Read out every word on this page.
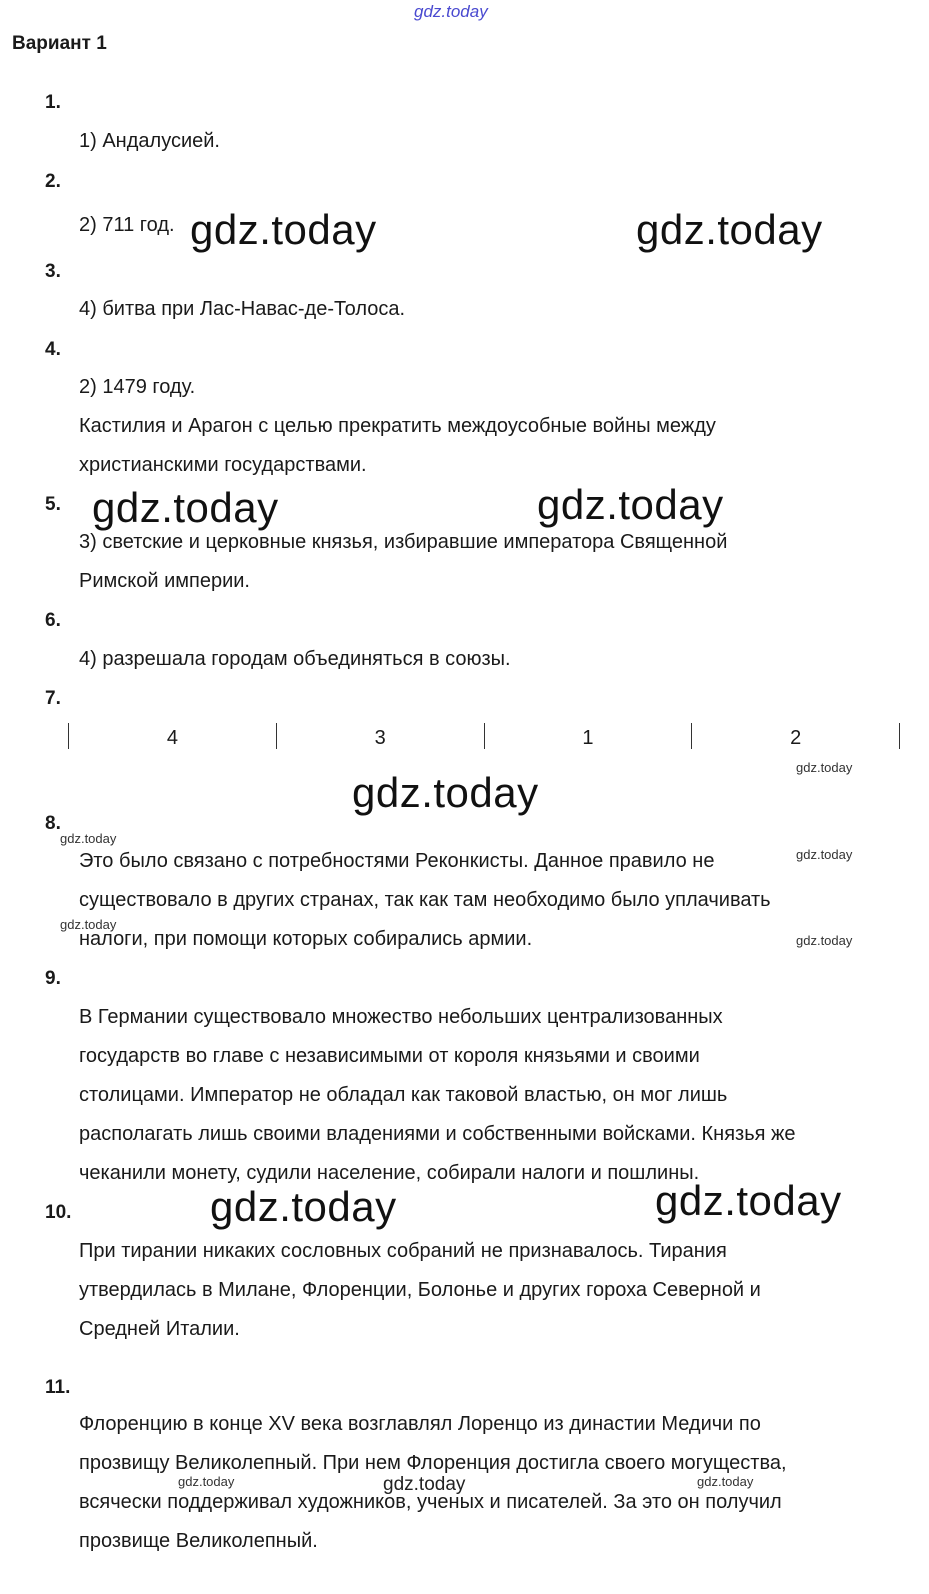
gdz.today
Вариант 1
1.
1) Андалусией.
2.
2) 711 год.
3.
4) битва при Лас-Навас-де-Толоса.
4.
2) 1479 году.
Кастилия и Арагон с целью прекратить междоусобные войны между
христианскими государствами.
5.
3) светские и церковные князья, избиравшие императора Священной
Римской империи.
6.
4) разрешала городам объединяться в союзы.
7.
4	3	1	2
8.
Это было связано с потребностями Реконкисты. Данное правило не
существовало в других странах, так как там необходимо было уплачивать
налоги, при помощи которых собирались армии.
9.
В Германии существовало множество небольших централизованных
государств во главе с независимыми от короля князьями и своими
столицами. Император не обладал как таковой властью, он мог лишь
располагать лишь своими владениями и собственными войсками. Князья же
чеканили монету, судили население, собирали налоги и пошлины.
10.
При тирании никаких сословных собраний не признавалось. Тирания
утвердилась в Милане, Флоренции, Болонье и других гороха Северной и
Средней Италии.
11.
Флоренцию в конце XV века возглавлял Лоренцо из династии Медичи по
прозвищу Великолепный. При нем Флоренция достигла своего могущества,
всячески поддерживал художников, ученых и писателей. За это он получил
прозвище Великолепный.
gdz.today	gdz.today
gdz.today	gdz.today
gdz.today
gdz.today	gdz.today
gdz.today
gdz.today
gdz.today
gdz.today
gdz.today
gdz.today	gdz.today
gdz.today
